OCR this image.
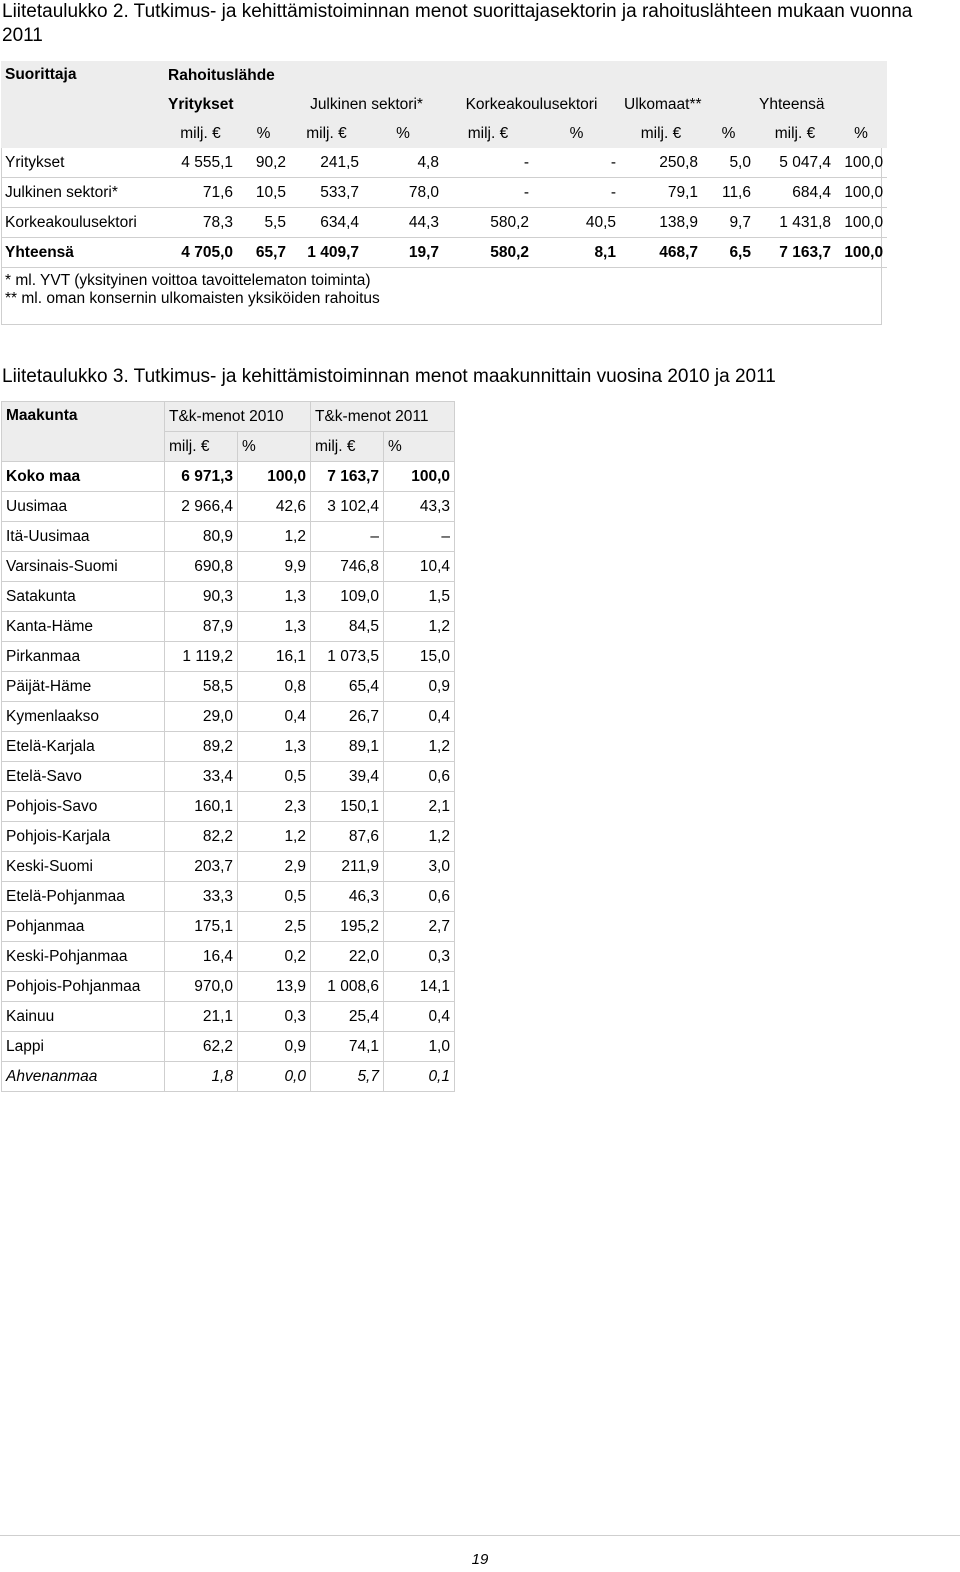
Liitetaulukko 2. Tutkimus- ja kehittämistoiminnan menot suorittajasektorin ja rahoituslähteen mukaan vuonna 2011
Suorittaja	Rahoituslähde									
	Yritykset		Julkinen sektori*		Korkeakoulusektori		Ulkomaat**		Yhteensä	
	milj. €	%	milj. €	%	milj. €	%	milj. €	%	milj. €	%
Yritykset	4 555,1	90,2	241,5	4,8	-	-	250,8	5,0	5 047,4	100,0
Julkinen sektori*	71,6	10,5	533,7	78,0	-	-	79,1	11,6	684,4	100,0
Korkeakoulusektori	78,3	5,5	634,4	44,3	580,2	40,5	138,9	9,7	1 431,8	100,0
Yhteensä	4 705,0	65,7	1 409,7	19,7	580,2	8,1	468,7	6,5	7 163,7	100,0
* ml. YVT (yksityinen voittoa tavoittelematon toiminta)										
** ml. oman konsernin ulkomaisten yksiköiden rahoitus										
Liitetaulukko 3. Tutkimus- ja kehittämistoiminnan menot maakunnittain vuosina 2010 ja 2011
Maakunta	T&k-menot 2010		T&k-menot 2011	
	milj. €	%	milj. €	%
Koko maa	6 971,3	100,0	7 163,7	100,0
Uusimaa	2 966,4	42,6	3 102,4	43,3
Itä-Uusimaa	80,9	1,2	–	–
Varsinais-Suomi	690,8	9,9	746,8	10,4
Satakunta	90,3	1,3	109,0	1,5
Kanta-Häme	87,9	1,3	84,5	1,2
Pirkanmaa	1 119,2	16,1	1 073,5	15,0
Päijät-Häme	58,5	0,8	65,4	0,9
Kymenlaakso	29,0	0,4	26,7	0,4
Etelä-Karjala	89,2	1,3	89,1	1,2
Etelä-Savo	33,4	0,5	39,4	0,6
Pohjois-Savo	160,1	2,3	150,1	2,1
Pohjois-Karjala	82,2	1,2	87,6	1,2
Keski-Suomi	203,7	2,9	211,9	3,0
Etelä-Pohjanmaa	33,3	0,5	46,3	0,6
Pohjanmaa	175,1	2,5	195,2	2,7
Keski-Pohjanmaa	16,4	0,2	22,0	0,3
Pohjois-Pohjanmaa	970,0	13,9	1 008,6	14,1
Kainuu	21,1	0,3	25,4	0,4
Lappi	62,2	0,9	74,1	1,0
Ahvenanmaa	1,8	0,0	5,7	0,1
19
